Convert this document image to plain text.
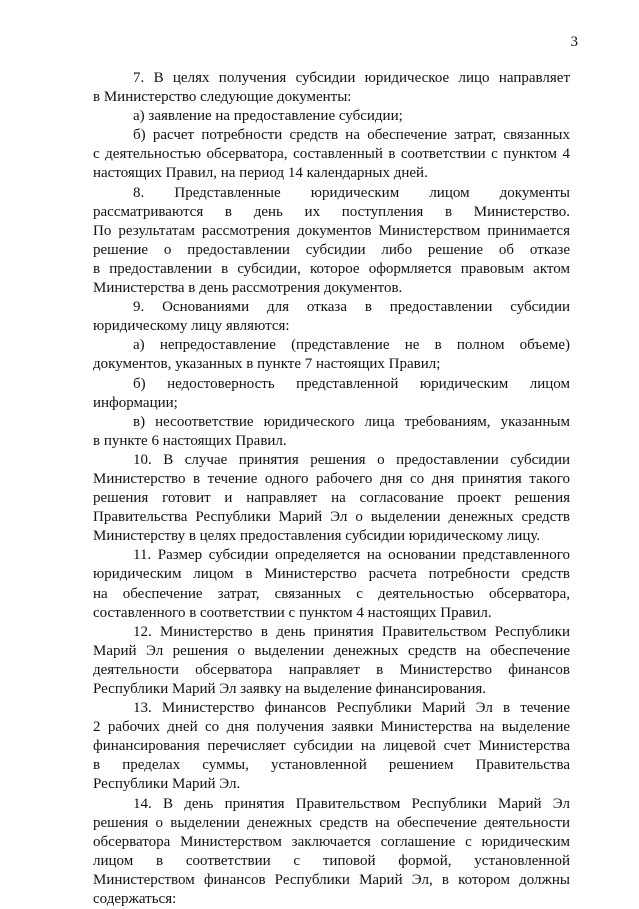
3
7. В целях получения субсидии юридическое лицо направляет
в Министерство следующие документы:
а) заявление на предоставление субсидии;
б) расчет потребности средств на обеспечение затрат, связанных
с деятельностью обсерватора, составленный в соответствии с пунктом 4
настоящих Правил, на период 14 календарных дней.
8. Представленные юридическим лицом документы
рассматриваются в день их поступления в Министерство.
По результатам рассмотрения документов Министерством принимается
решение о предоставлении субсидии либо решение об отказе
в предоставлении в субсидии, которое оформляется правовым актом
Министерства в день рассмотрения документов.
9. Основаниями для отказа в предоставлении субсидии
юридическому лицу являются:
а) непредоставление (представление не в полном объеме)
документов, указанных в пункте 7 настоящих Правил;
б) недостоверность представленной юридическим лицом
информации;
в) несоответствие юридического лица требованиям, указанным
в пункте 6 настоящих Правил.
10. В случае принятия решения о предоставлении субсидии
Министерство в течение одного рабочего дня со дня принятия такого
решения готовит и направляет на согласование проект решения
Правительства Республики Марий Эл о выделении денежных средств
Министерству в целях предоставления субсидии юридическому лицу.
11. Размер субсидии определяется на основании представленного
юридическим лицом в Министерство расчета потребности средств
на обеспечение затрат, связанных с деятельностью обсерватора,
составленного в соответствии с пунктом 4 настоящих Правил.
12. Министерство в день принятия Правительством Республики
Марий Эл решения о выделении денежных средств на обеспечение
деятельности обсерватора направляет в Министерство финансов
Республики Марий Эл заявку на выделение финансирования.
13. Министерство финансов Республики Марий Эл в течение
2 рабочих дней со дня получения заявки Министерства на выделение
финансирования перечисляет субсидии на лицевой счет Министерства
в пределах суммы, установленной решением Правительства
Республики Марий Эл.
14. В день принятия Правительством Республики Марий Эл
решения о выделении денежных средств на обеспечение деятельности
обсерватора Министерством заключается соглашение с юридическим
лицом в соответствии с типовой формой, установленной
Министерством финансов Республики Марий Эл, в котором должны
содержаться:
